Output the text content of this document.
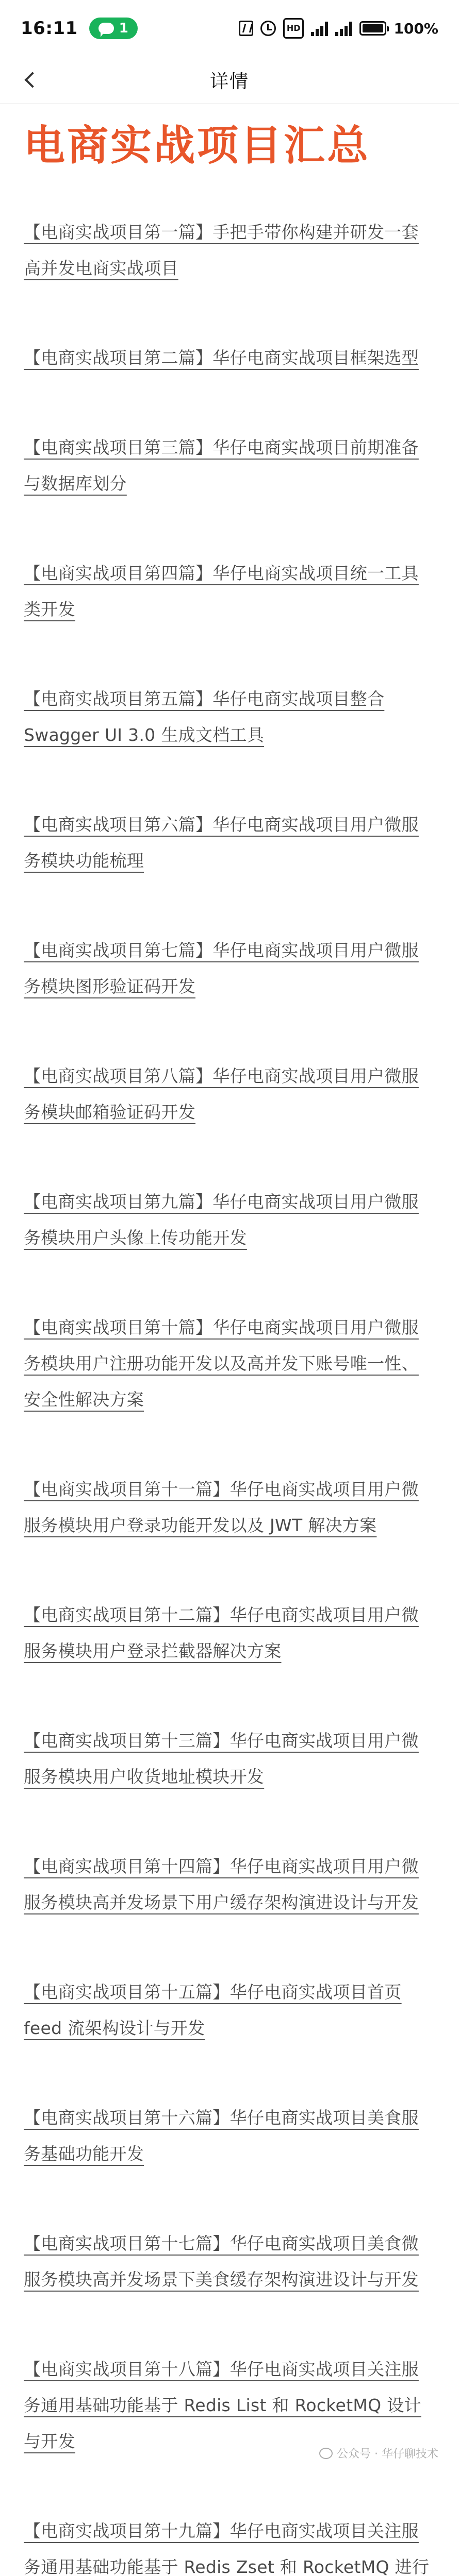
16:11	1	HD	100%
详情
电商实战项目汇总
【电商实战项目第一篇】手把手带你构建并研发一套高并发电商实战项目
【电商实战项目第二篇】华仔电商实战项目框架选型
【电商实战项目第三篇】华仔电商实战项目前期准备与数据库划分
【电商实战项目第四篇】华仔电商实战项目统一工具类开发
【电商实战项目第五篇】华仔电商实战项目整合 Swagger UI 3.0 生成文档工具
【电商实战项目第六篇】华仔电商实战项目用户微服务模块功能梳理
【电商实战项目第七篇】华仔电商实战项目用户微服务模块图形验证码开发
【电商实战项目第八篇】华仔电商实战项目用户微服务模块邮箱验证码开发
【电商实战项目第九篇】华仔电商实战项目用户微服务模块用户头像上传功能开发
【电商实战项目第十篇】华仔电商实战项目用户微服务模块用户注册功能开发以及高并发下账号唯一性、安全性解决方案
【电商实战项目第十一篇】华仔电商实战项目用户微服务模块用户登录功能开发以及 JWT 解决方案
【电商实战项目第十二篇】华仔电商实战项目用户微服务模块用户登录拦截器解决方案
【电商实战项目第十三篇】华仔电商实战项目用户微服务模块用户收货地址模块开发
【电商实战项目第十四篇】华仔电商实战项目用户微服务模块高并发场景下用户缓存架构演进设计与开发
【电商实战项目第十五篇】华仔电商实战项目首页 feed 流架构设计与开发
【电商实战项目第十六篇】华仔电商实战项目美食服务基础功能开发
【电商实战项目第十七篇】华仔电商实战项目美食微服务模块高并发场景下美食缓存架构演进设计与开发
【电商实战项目第十八篇】华仔电商实战项目关注服务通用基础功能基于 Redis List 和 RocketMQ 设计与开发
【电商实战项目第十九篇】华仔电商实战项目关注服务通用基础功能基于 Redis Zset 和 RocketMQ 进行
公众号 · 华仔聊技术
